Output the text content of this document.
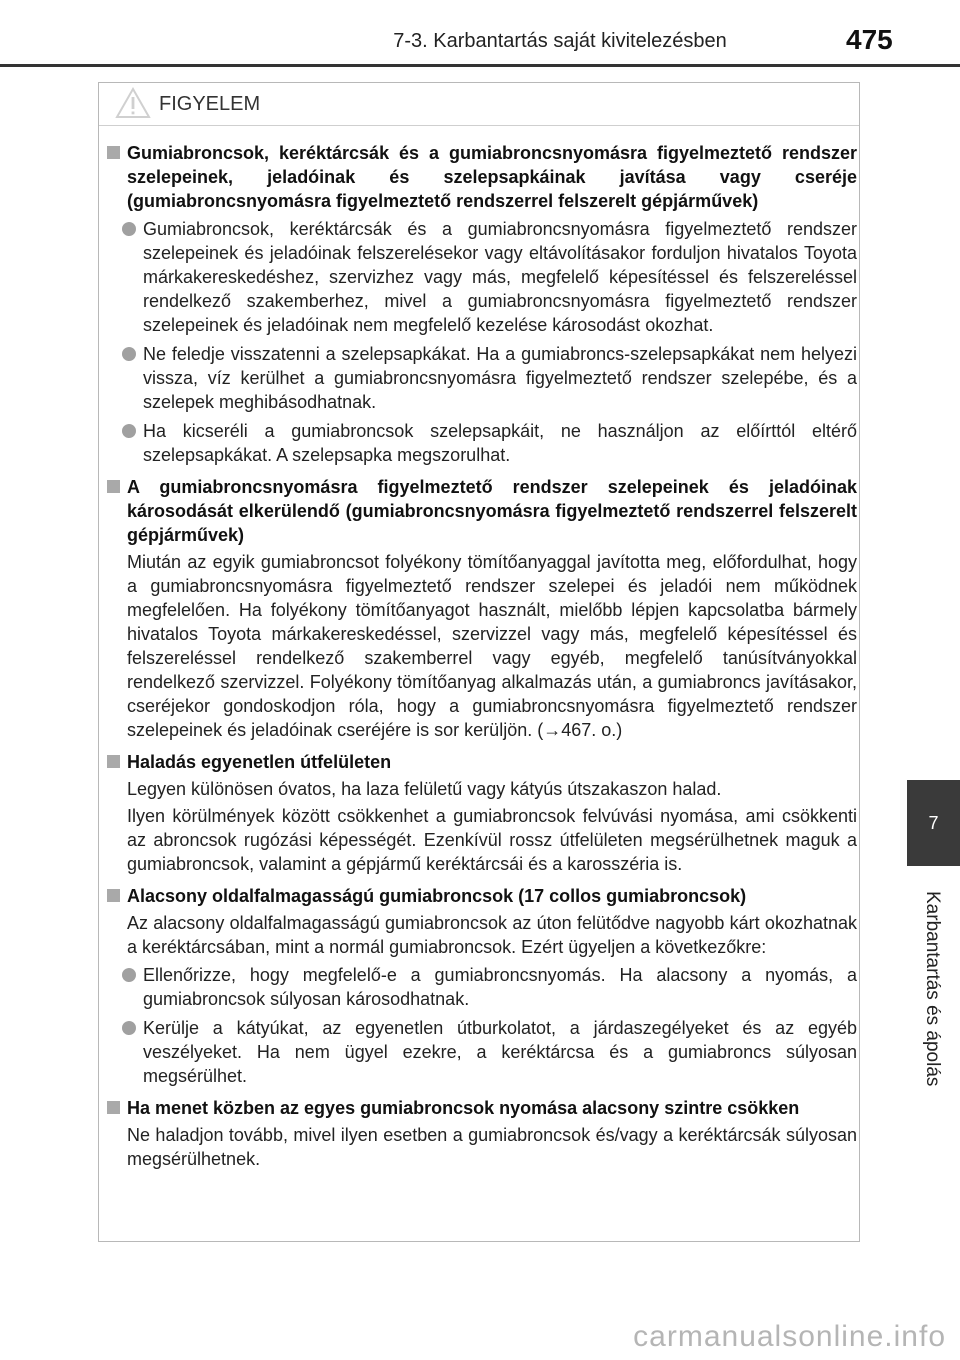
7-3. Karbantartás saját kivitelezésben	475
7
Karbantartás és ápolás
FIGYELEM
Gumiabroncsok, keréktárcsák és a gumiabroncsnyomásra figyelmeztető rendszer szelepeinek, jeladóinak és szelepsapkáinak javítása vagy cseréje (gumiabroncsnyomásra figyelmeztető rendszerrel felszerelt gépjárművek)
Gumiabroncsok, keréktárcsák és a gumiabroncsnyomásra figyelmeztető rendszer szelepeinek és jeladóinak felszerelésekor vagy eltávolításakor forduljon hivatalos Toyota márkakereskedéshez, szervizhez vagy más, megfelelő képesítéssel és felszereléssel rendelkező szakemberhez, mivel a gumiabroncsnyomásra figyelmeztető rendszer szelepeinek és jeladóinak nem megfelelő kezelése károsodást okozhat.
Ne feledje visszatenni a szelepsapkákat. Ha a gumiabroncs-szelepsapkákat nem helyezi vissza, víz kerülhet a gumiabroncsnyomásra figyelmeztető rendszer szelepébe, és a szelepek meghibásodhatnak.
Ha kicseréli a gumiabroncsok szelepsapkáit, ne használjon az előírttól eltérő szelepsapkákat. A szelepsapka megszorulhat.
A gumiabroncsnyomásra figyelmeztető rendszer szelepeinek és jeladóinak károsodását elkerülendő (gumiabroncsnyomásra figyelmeztető rendszerrel felszerelt gépjárművek)
Miután az egyik gumiabroncsot folyékony tömítőanyaggal javította meg, előfordulhat, hogy a gumiabroncsnyomásra figyelmeztető rendszer szelepei és jeladói nem működnek megfelelően. Ha folyékony tömítőanyagot használt, mielőbb lépjen kapcsolatba bármely hivatalos Toyota márkakereskedéssel, szervizzel vagy más, megfelelő képesítéssel és felszereléssel rendelkező szakemberrel vagy egyéb, megfelelő tanúsítványokkal rendelkező szervizzel. Folyékony tömítőanyag alkalmazás után, a gumiabroncs javításakor, cseréjekor gondoskodjon róla, hogy a gumiabroncsnyomásra figyelmeztető rendszer szelepeinek és jeladóinak cseréjére is sor kerüljön. (→467. o.)
Haladás egyenetlen útfelületen
Legyen különösen óvatos, ha laza felületű vagy kátyús útszakaszon halad.
Ilyen körülmények között csökkenhet a gumiabroncsok felvúvási nyomása, ami csökkenti az abroncsok rugózási képességét. Ezenkívül rossz útfelületen megsérülhetnek maguk a gumiabroncsok, valamint a gépjármű keréktárcsái és a karosszéria is.
Alacsony oldalfalmagasságú gumiabroncsok (17 collos gumiabroncsok)
Az alacsony oldalfalmagasságú gumiabroncsok az úton felütődve nagyobb kárt okozhatnak a keréktárcsában, mint a normál gumiabroncsok. Ezért ügyeljen a következőkre:
Ellenőrizze, hogy megfelelő-e a gumiabroncsnyomás. Ha alacsony a nyomás, a gumiabroncsok súlyosan károsodhatnak.
Kerülje a kátyúkat, az egyenetlen útburkolatot, a járdaszegélyeket és az egyéb veszélyeket. Ha nem ügyel ezekre, a keréktárcsa és a gumiabroncs súlyosan megsérülhet.
Ha menet közben az egyes gumiabroncsok nyomása alacsony szintre csökken
Ne haladjon tovább, mivel ilyen esetben a gumiabroncsok és/vagy a keréktárcsák súlyosan megsérülhetnek.
carmanualsonline.info
